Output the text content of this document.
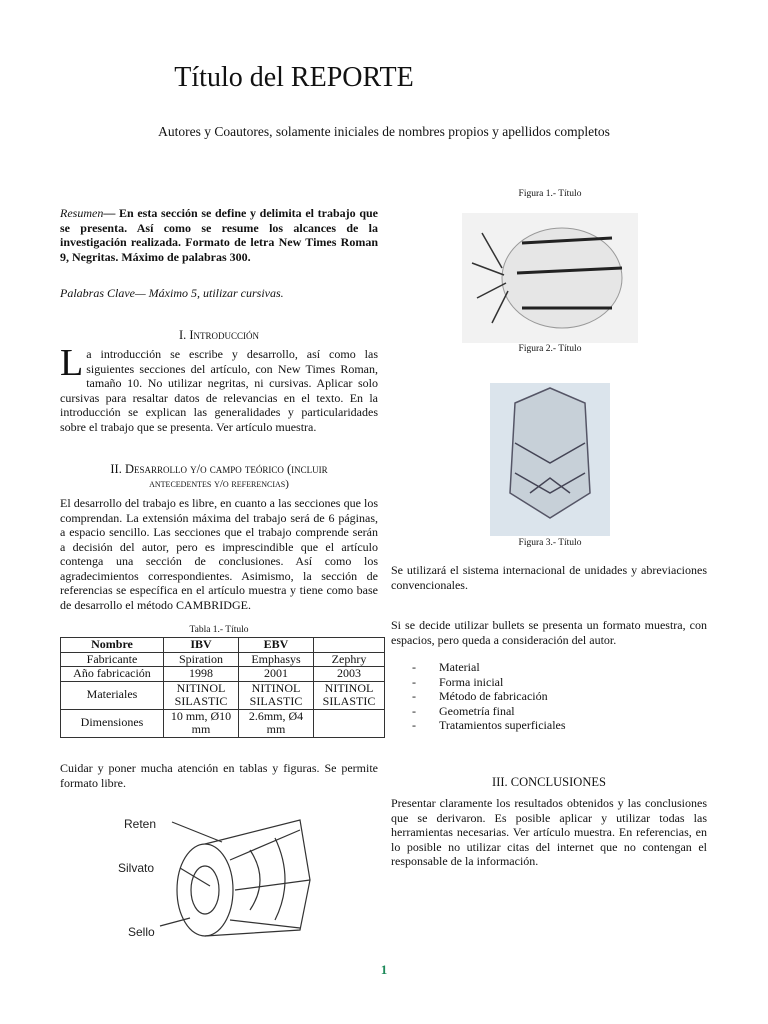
Título del REPORTE
Autores y Coautores, solamente iniciales de nombres propios y apellidos completos
Resumen— En esta sección se define y delimita el trabajo que se presenta. Así como se resume los alcances de la investigación realizada. Formato de letra New Times Roman 9, Negritas. Máximo de palabras 300.
Palabras Clave— Máximo 5, utilizar cursivas.
I. Introducción
La introducción se escribe y desarrollo, así como las siguientes secciones del artículo, con New Times Roman, tamaño 10. No utilizar negritas, ni cursivas. Aplicar solo cursivas para resaltar datos de relevancias en el texto. En la introducción se explican las generalidades y particularidades sobre el trabajo que se presenta. Ver artículo muestra.
II. Desarrollo y/o campo teórico (incluir
antecedentes y/o referencias)
El desarrollo del trabajo es libre, en cuanto a las secciones que los comprendan. La extensión máxima del trabajo será de 6 páginas, a espacio sencillo. Las secciones que el trabajo comprende serán a decisión del autor, pero es imprescindible que el artículo contenga una sección de conclusiones. Así como los agradecimientos correspondientes. Asimismo, la sección de referencias se específica en el artículo muestra y tiene como base de desarrollo el método CAMBRIDGE.
Tabla 1.- Título
Nombre	IBV	EBV	
Fabricante	Spiration	Emphasys	Zephry
Año fabricación	1998	2001	2003
Materiales	NITINOL SILASTIC	NITINOL SILASTIC	NITINOL SILASTIC
Dimensiones	10 mm, Ø10 mm	2.6mm, Ø4 mm	
Cuidar y poner mucha atención en tablas y figuras. Se permite formato libre.
Reten
Silvato
Sello
Figura 1.- Título
Figura 2.- Título
Figura 3.- Título
Se utilizará el sistema internacional de unidades y abreviaciones convencionales.
Si se decide utilizar bullets se presenta un formato muestra, con espacios, pero queda a consideración del autor.
- Material
- Forma inicial
- Método de fabricación
- Geometría final
- Tratamientos superficiales
III. CONCLUSIONES
Presentar claramente los resultados obtenidos y las conclusiones que se derivaron. Es posible aplicar y utilizar todas las herramientas necesarias. Ver artículo muestra. En referencias, en lo posible no utilizar citas del internet que no contengan el responsable de la información.
1
